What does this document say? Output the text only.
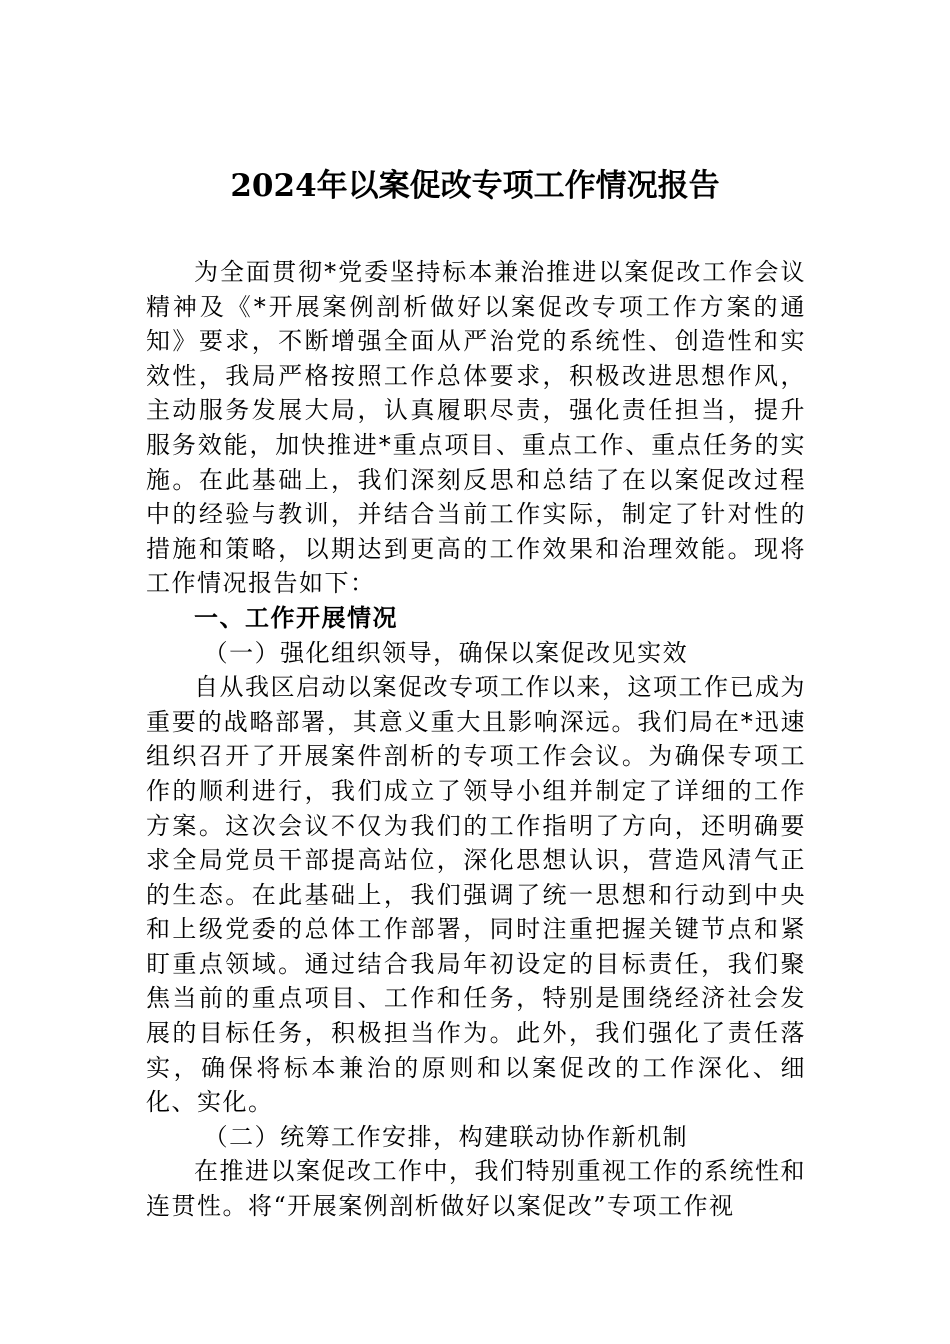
2024年以案促改专项工作情况报告

为全面贯彻*党委坚持标本兼治推进以案促改工作会议精神及《*开展案例剖析做好以案促改专项工作方案的通知》要求，不断增强全面从严治党的系统性、创造性和实效性，我局严格按照工作总体要求，积极改进思想作风，主动服务发展大局，认真履职尽责，强化责任担当，提升服务效能，加快推进*重点项目、重点工作、重点任务的实施。在此基础上，我们深刻反思和总结了在以案促改过程中的经验与教训，并结合当前工作实际，制定了针对性的措施和策略，以期达到更高的工作效果和治理效能。现将工作情况报告如下：

一、工作开展情况

（一）强化组织领导，确保以案促改见实效

自从我区启动以案促改专项工作以来，这项工作已成为重要的战略部署，其意义重大且影响深远。我们局在*迅速组织召开了开展案件剖析的专项工作会议。为确保专项工作的顺利进行，我们成立了领导小组并制定了详细的工作方案。这次会议不仅为我们的工作指明了方向，还明确要求全局党员干部提高站位，深化思想认识，营造风清气正的生态。在此基础上，我们强调了统一思想和行动到中央和上级党委的总体工作部署，同时注重把握关键节点和紧盯重点领域。通过结合我局年初设定的目标责任，我们聚焦当前的重点项目、工作和任务，特别是围绕经济社会发展的目标任务，积极担当作为。此外，我们强化了责任落实，确保将标本兼治的原则和以案促改的工作深化、细化、实化。

（二）统筹工作安排，构建联动协作新机制

在推进以案促改工作中，我们特别重视工作的系统性和连贯性。将“开展案例剖析做好以案促改”专项工作视
